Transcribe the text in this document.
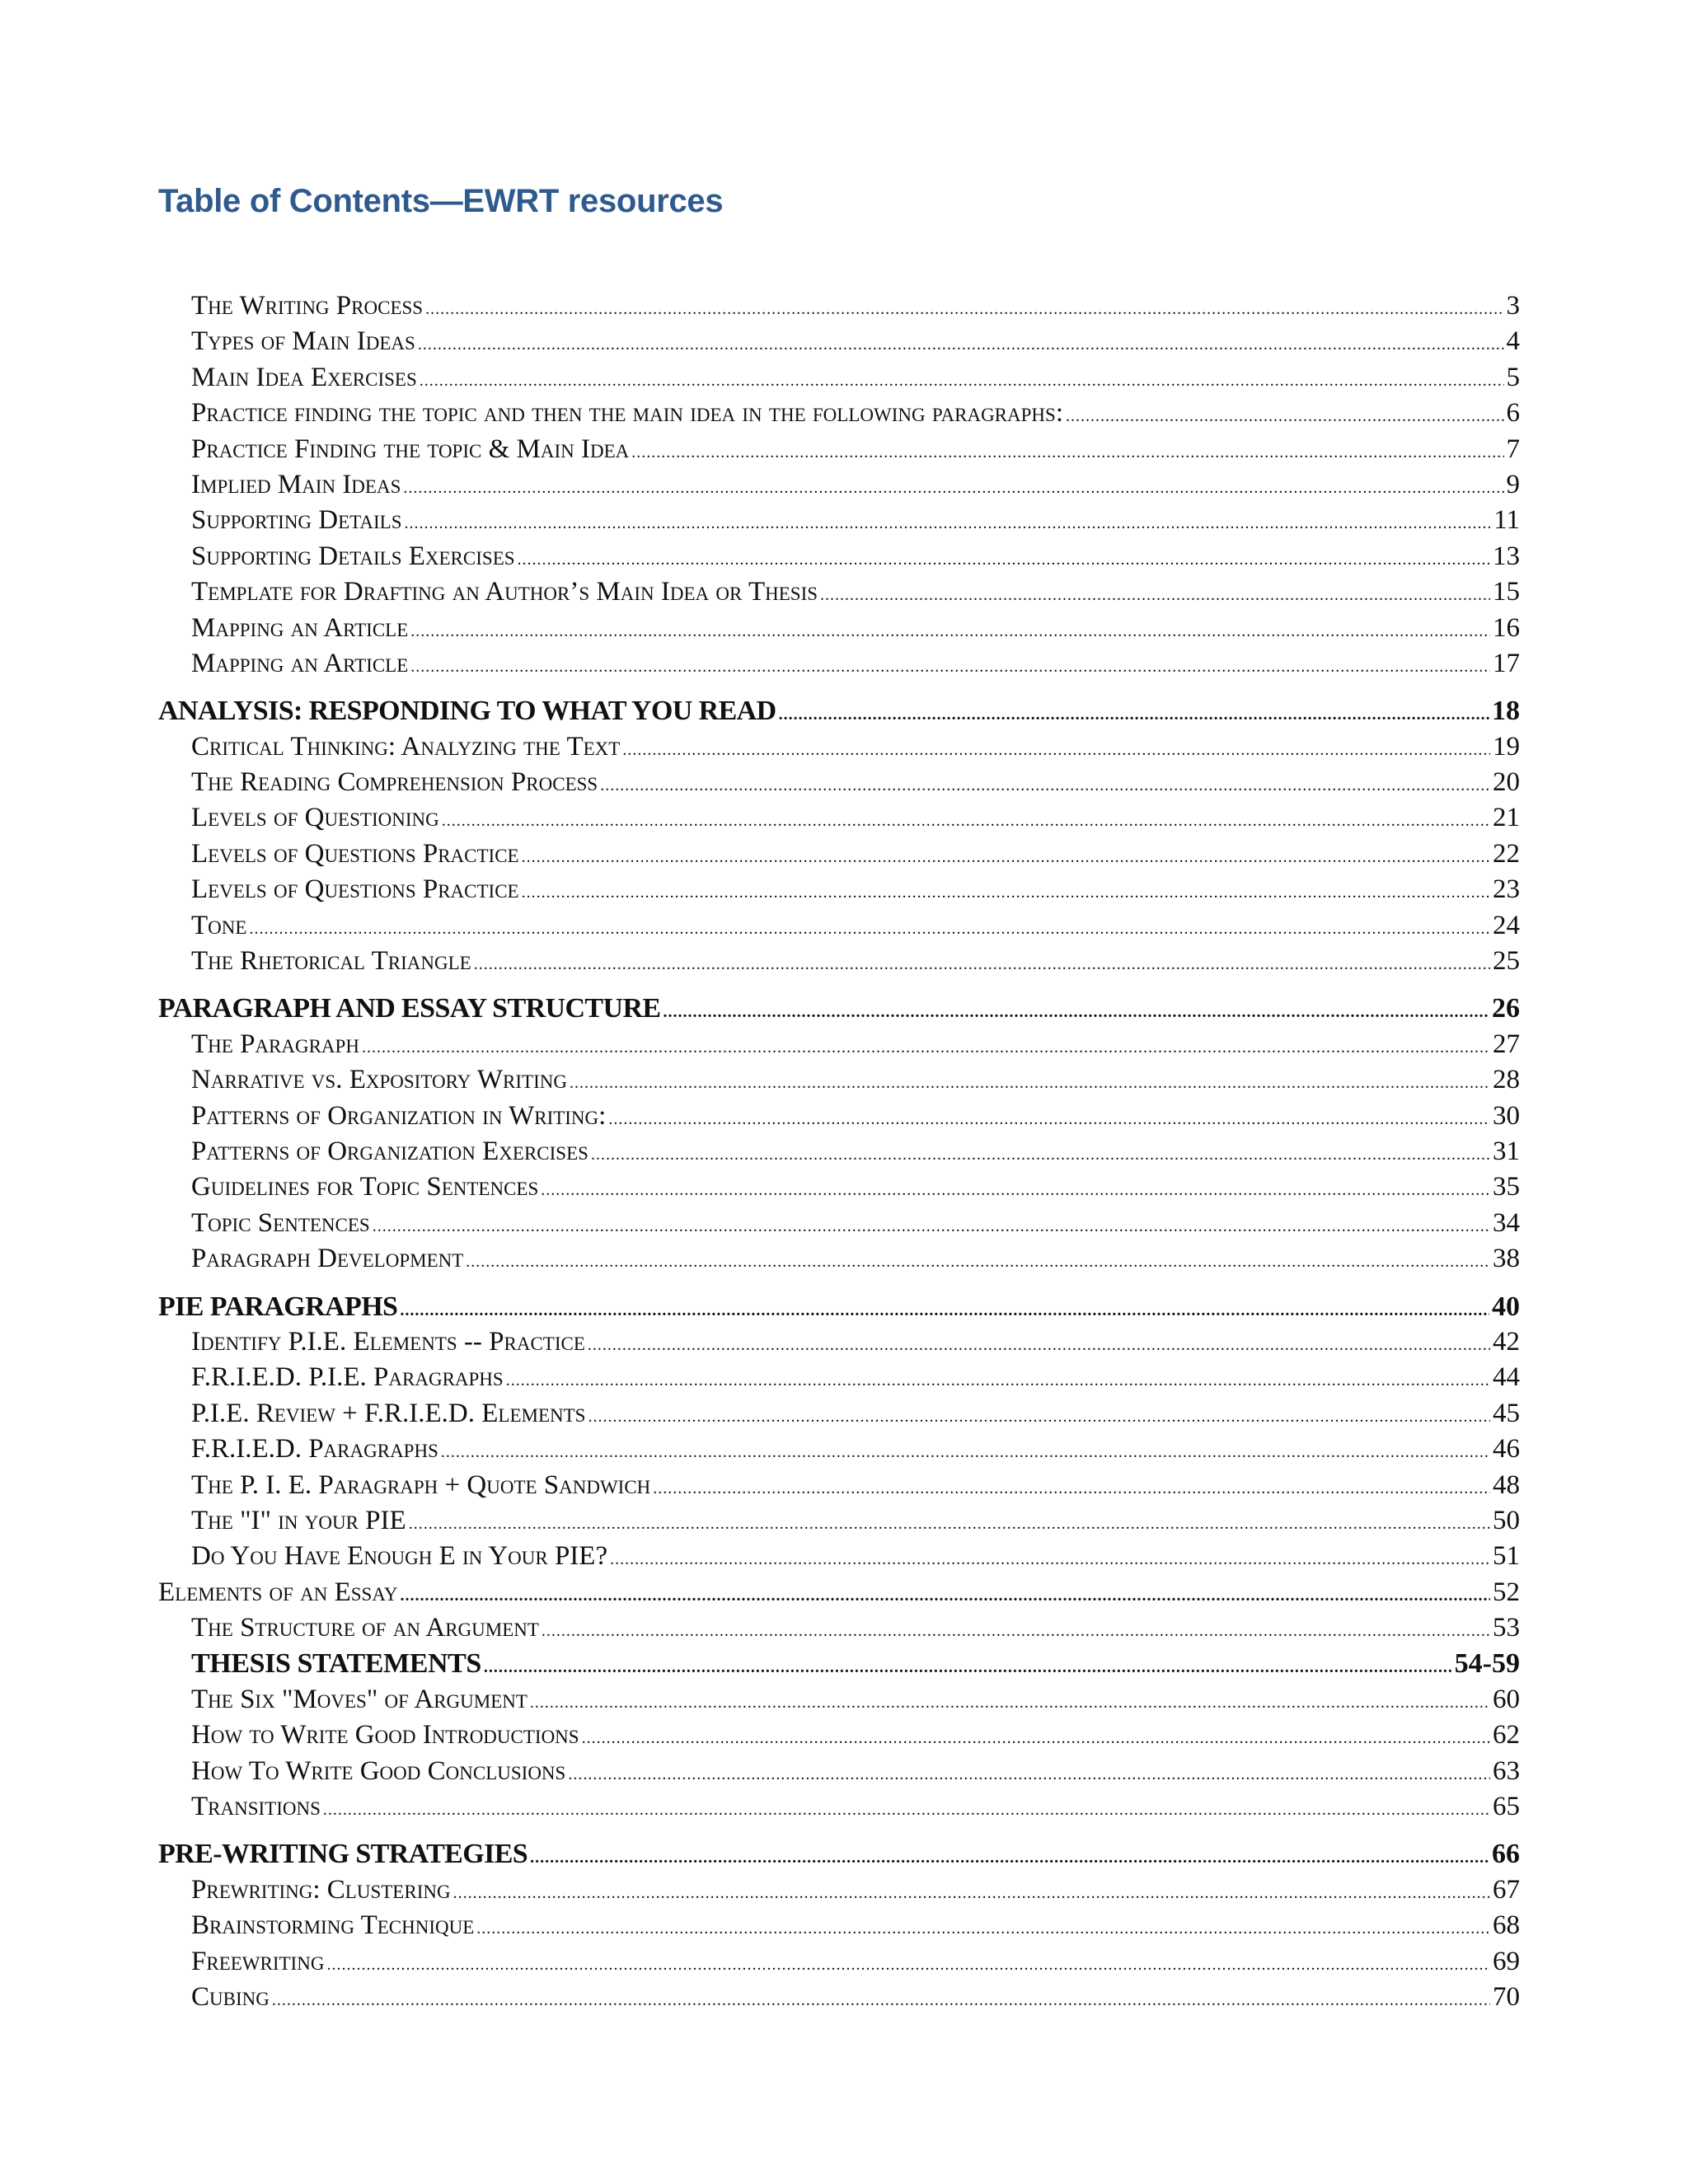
Table of Contents—EWRT resources
The Writing Process .....	3
Types of Main Ideas .....	4
Main Idea Exercises .....	5
Practice finding the topic and then the main idea in the following paragraphs: .....	6
Practice Finding the topic & Main Idea .....	7
Implied Main Ideas .....	9
Supporting Details .....	11
Supporting Details Exercises .....	13
Template for Drafting an Author’s Main Idea or Thesis .....	15
Mapping an Article .....	16
Mapping an Article .....	17
ANALYSIS: RESPONDING TO WHAT YOU READ .....	18
Critical Thinking: Analyzing the Text .....	19
The Reading Comprehension Process .....	20
Levels of Questioning .....	21
Levels of Questions Practice .....	22
Levels of Questions Practice .....	23
Tone .....	24
The Rhetorical Triangle .....	25
PARAGRAPH AND ESSAY STRUCTURE .....	26
The Paragraph .....	27
Narrative vs. Expository Writing .....	28
Patterns of Organization in Writing: .....	30
Patterns of Organization Exercises .....	31
Guidelines for Topic Sentences .....	35
Topic Sentences .....	34
Paragraph Development .....	38
PIE PARAGRAPHS .....	40
Identify P.I.E. Elements -- Practice .....	42
F.R.I.E.D. P.I.E. Paragraphs .....	44
P.I.E. Review + F.R.I.E.D. Elements .....	45
F.R.I.E.D. Paragraphs .....	46
The P. I. E. Paragraph + Quote Sandwich .....	48
The "I" in your PIE .....	50
Do You Have Enough E in Your PIE? .....	51
Elements of an Essay .....	52
The Structure of an Argument .....	53
THESIS STATEMENTS .....	54-59
The Six "Moves" of Argument .....	60
How to Write Good Introductions .....	62
How To Write Good Conclusions .....	63
Transitions .....	65
PRE-WRITING STRATEGIES .....	66
Prewriting: Clustering .....	67
Brainstorming Technique .....	68
Freewriting .....	69
Cubing .....	70
